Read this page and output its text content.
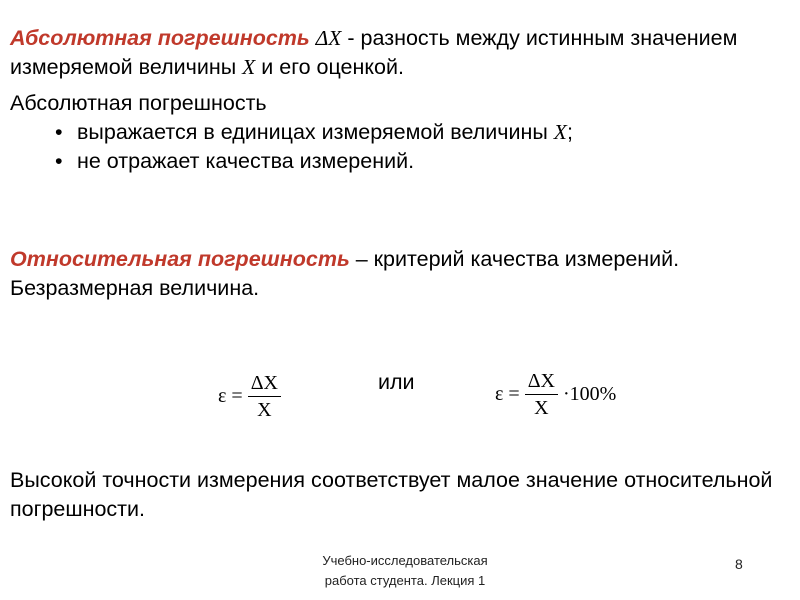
Абсолютная погрешность ΔX - разность между истинным значением измеряемой величины X и его оценкой.

Абсолютная погрешность

• выражается в единицах измеряемой величины X;
• не отражает качества измерений.

Относительная погрешность – критерий качества измерений. Безразмерная величина.

$\varepsilon = \frac{\Delta X}{X}$	или	$\varepsilon = \frac{\Delta X}{X} \cdot 100\%$

Высокой точности измерения соответствует малое значение относительной погрешности.

Учебно-исследовательская
работа студента. Лекция 1
8
